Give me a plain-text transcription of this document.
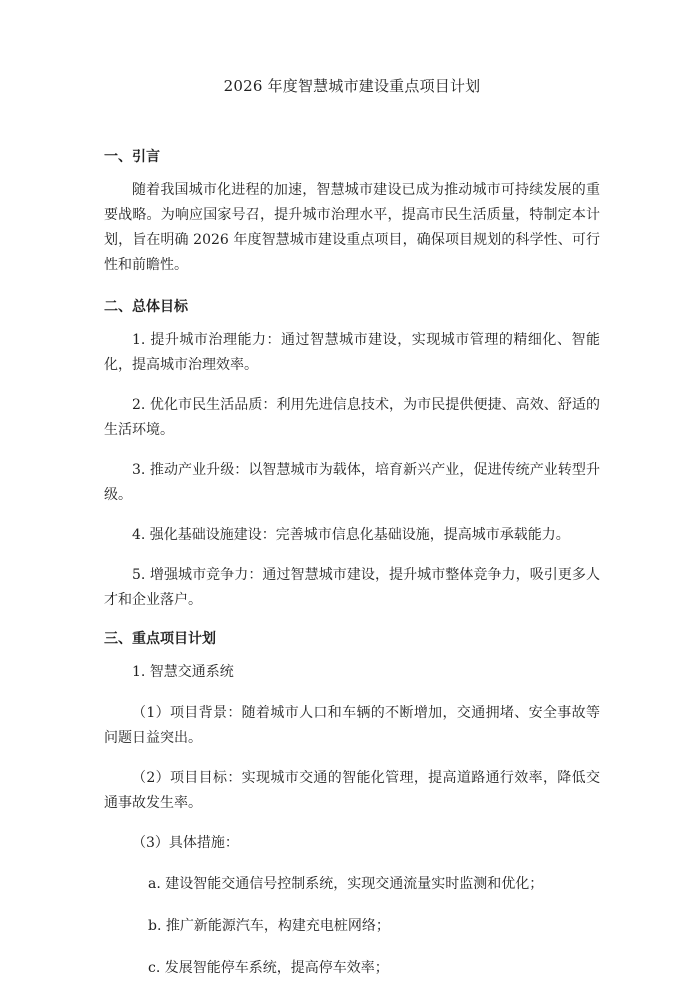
2026 年度智慧城市建设重点项目计划
一、引言

随着我国城市化进程的加速，智慧城市建设已成为推动城市可持续发展的重要战略。为响应国家号召，提升城市治理水平，提高市民生活质量，特制定本计划，旨在明确 2026 年度智慧城市建设重点项目，确保项目规划的科学性、可行性和前瞻性。

二、总体目标

1. 提升城市治理能力：通过智慧城市建设，实现城市管理的精细化、智能化，提高城市治理效率。

2. 优化市民生活品质：利用先进信息技术，为市民提供便捷、高效、舒适的生活环境。

3. 推动产业升级：以智慧城市为载体，培育新兴产业，促进传统产业转型升级。

4. 强化基础设施建设：完善城市信息化基础设施，提高城市承载能力。

5. 增强城市竞争力：通过智慧城市建设，提升城市整体竞争力，吸引更多人才和企业落户。

三、重点项目计划

1. 智慧交通系统

（1）项目背景：随着城市人口和车辆的不断增加，交通拥堵、安全事故等问题日益突出。

（2）项目目标：实现城市交通的智能化管理，提高道路通行效率，降低交通事故发生率。

（3）具体措施：

a. 建设智能交通信号控制系统，实现交通流量实时监测和优化；

b. 推广新能源汽车，构建充电桩网络；

c. 发展智能停车系统，提高停车效率；
